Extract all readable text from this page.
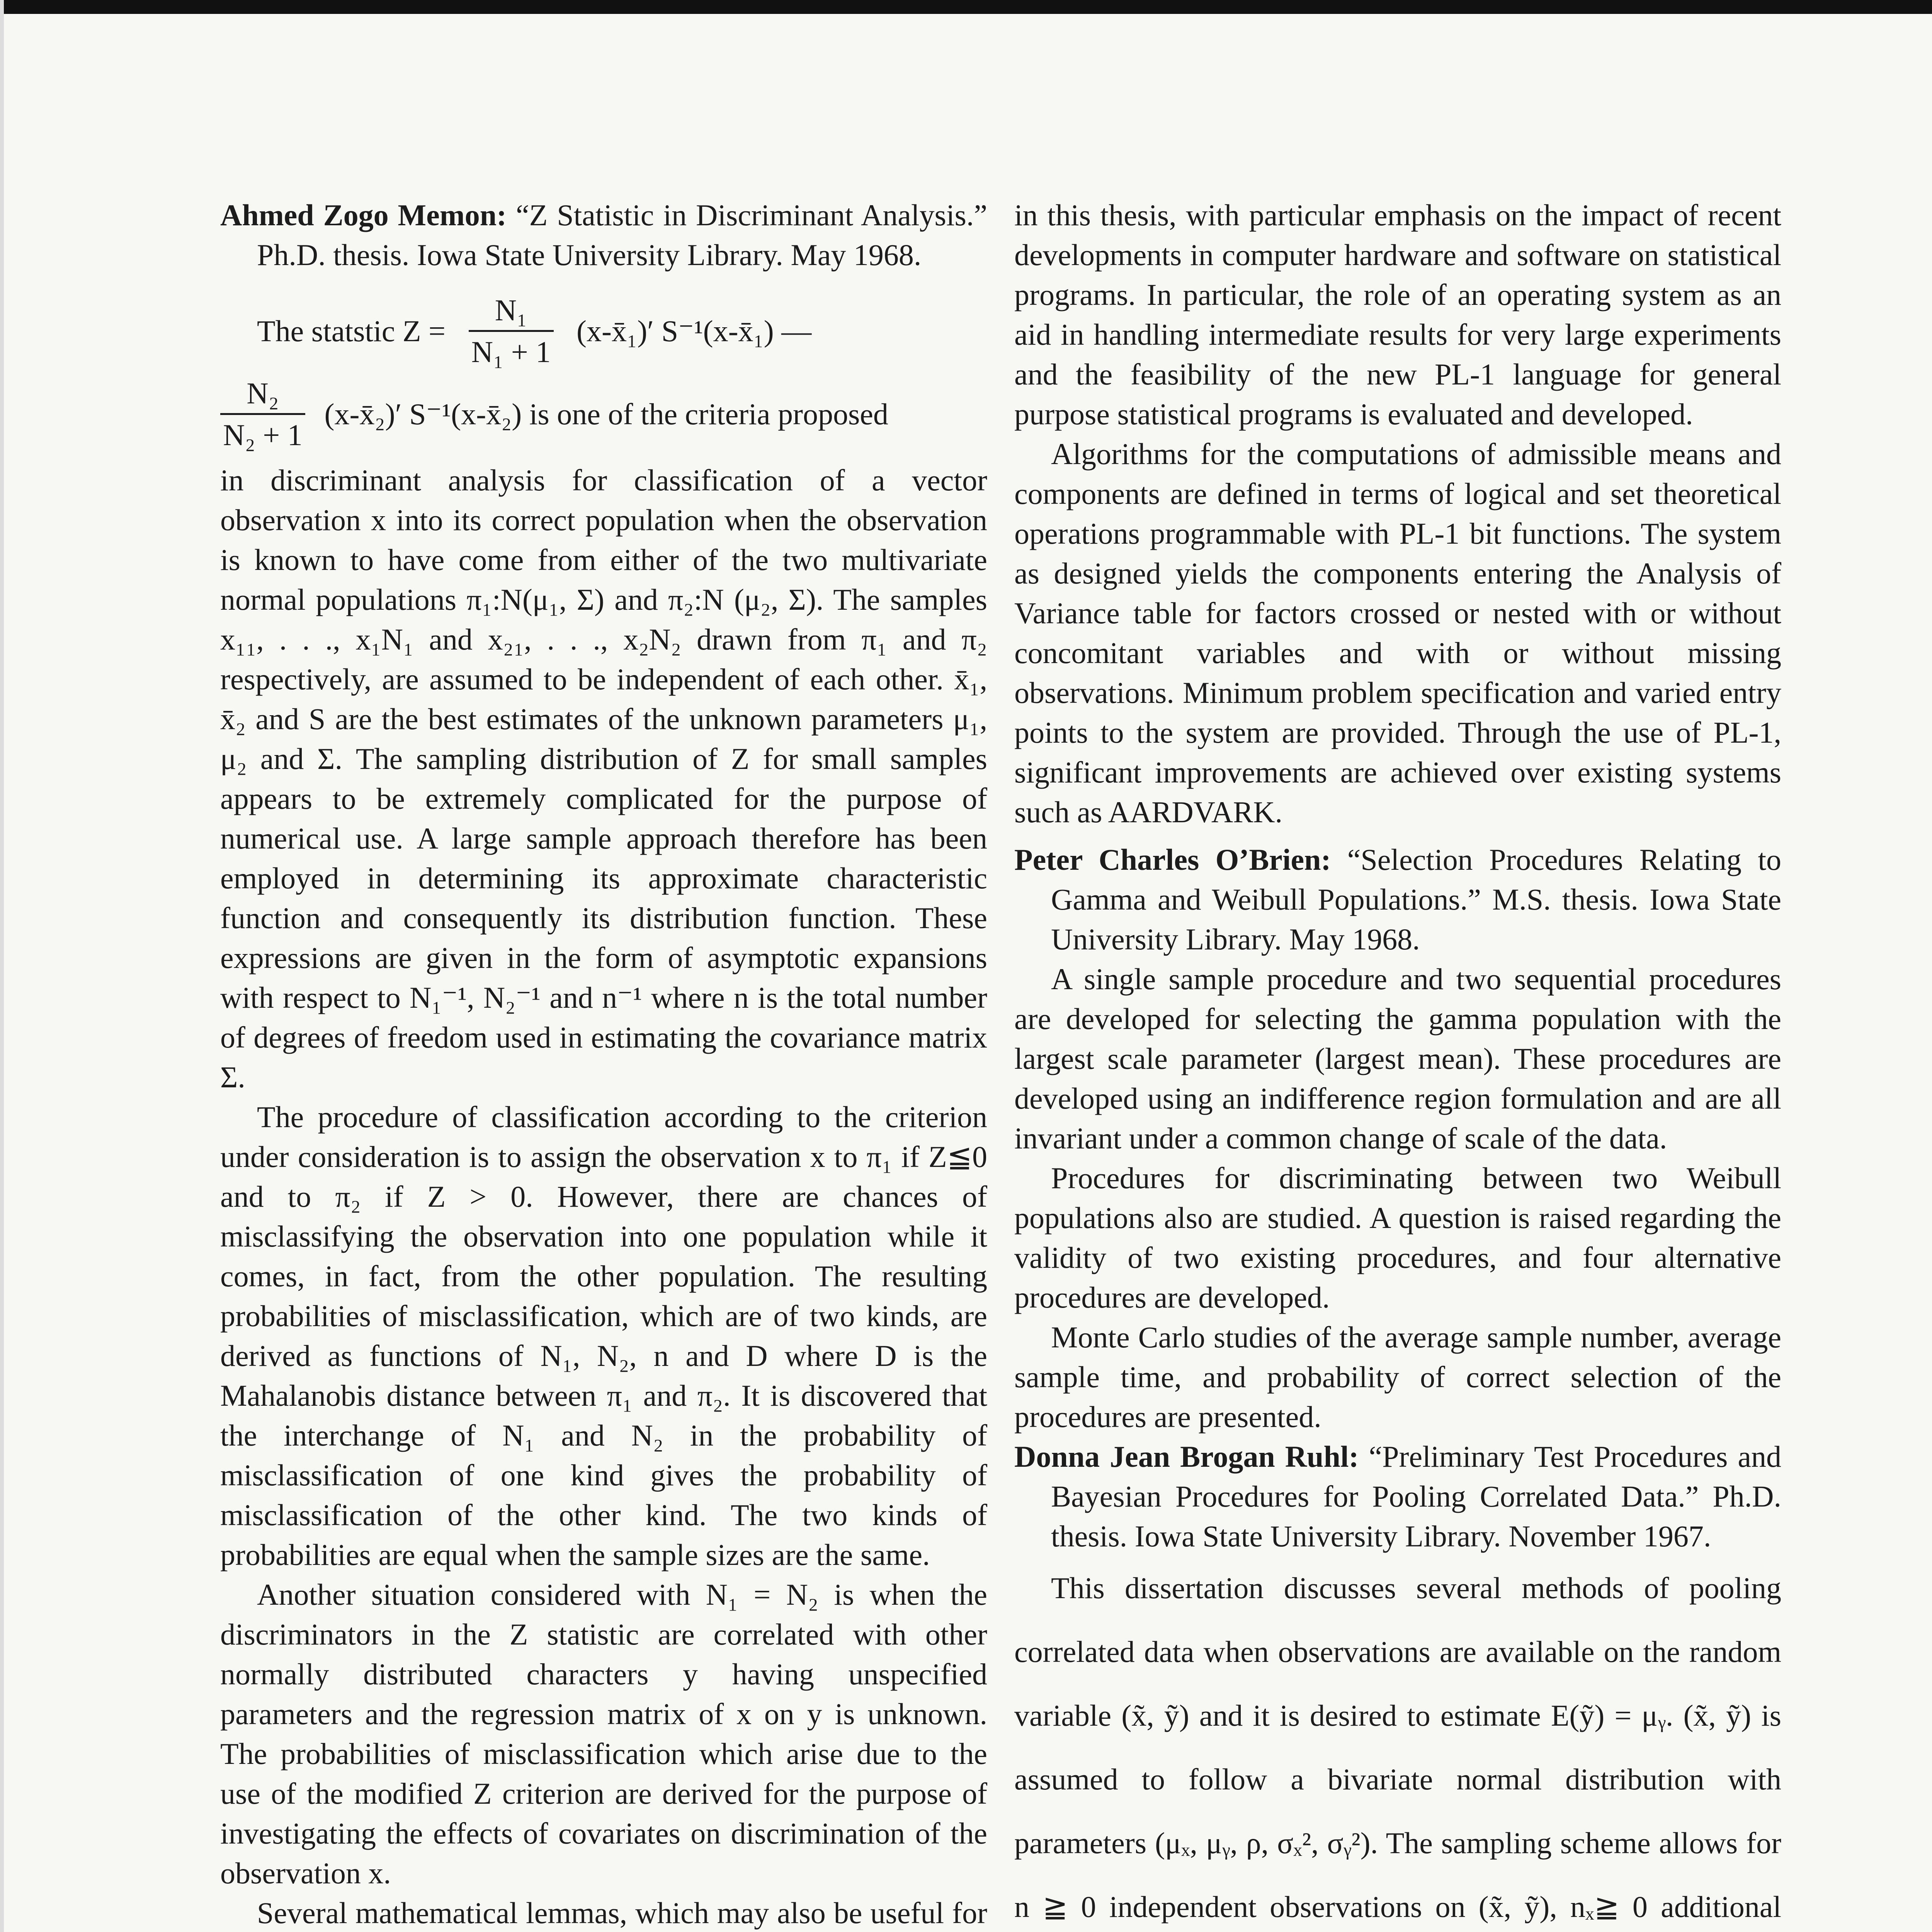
Ahmed Zogo Memon: “Z Statistic in Discriminant Analysis.” Ph.D. thesis. Iowa State University Library. May 1968.

The statstic Z =
N₁
N₁ + 1
(x-x̄₁)′ S⁻¹(x-x̄₁) —
N₂
N₂ + 1
(x-x̄₂)′ S⁻¹(x-x̄₂) is one of the criteria proposed

in discriminant analysis for classification of a vector observation x into its correct population when the observation is known to have come from either of the two multivariate normal populations π₁:N(μ₁, Σ) and π₂:N (μ₂, Σ). The samples x₁₁, . . ., x₁N₁ and x₂₁, . . ., x₂N₂ drawn from π₁ and π₂ respectively, are assumed to be independent of each other. x̄₁, x̄₂ and S are the best estimates of the unknown parameters μ₁, μ₂ and Σ. The sampling distribution of Z for small samples appears to be extremely complicated for the purpose of numerical use. A large sample approach therefore has been employed in determining its approximate characteristic function and consequently its distribution function. These expressions are given in the form of asymptotic expansions with respect to N₁⁻¹, N₂⁻¹ and n⁻¹ where n is the total number of degrees of freedom used in estimating the covariance matrix Σ.

The procedure of classification according to the criterion under consideration is to assign the observation x to π₁ if Z≦0 and to π₂ if Z > 0. However, there are chances of misclassifying the observation into one population while it comes, in fact, from the other population. The resulting probabilities of misclassification, which are of two kinds, are derived as functions of N₁, N₂, n and D where D is the Mahalanobis distance between π₁ and π₂. It is discovered that the interchange of N₁ and N₂ in the probability of misclassification of one kind gives the probability of misclassification of the other kind. The two kinds of probabilities are equal when the sample sizes are the same.

Another situation considered with N₁ = N₂ is when the discriminators in the Z statistic are correlated with other normally distributed characters y having unspecified parameters and the regression matrix of x on y is unknown. The probabilities of misclassification which arise due to the use of the modified Z criterion are derived for the purpose of investigating the effects of covariates on discrimination of the observation x.

Several mathematical lemmas, which may also be useful for

in this thesis, with particular emphasis on the impact of recent developments in computer hardware and software on statistical programs. In particular, the role of an operating system as an aid in handling intermediate results for very large experiments and the feasibility of the new PL-1 language for general purpose statistical programs is evaluated and developed.

Algorithms for the computations of admissible means and components are defined in terms of logical and set theoretical operations programmable with PL-1 bit functions. The system as designed yields the components entering the Analysis of Variance table for factors crossed or nested with or without concomitant variables and with or without missing observations. Minimum problem specification and varied entry points to the system are provided. Through the use of PL-1, significant improvements are achieved over existing systems such as AARDVARK.

Peter Charles O’Brien: “Selection Procedures Relating to Gamma and Weibull Populations.” M.S. thesis. Iowa State University Library. May 1968.

A single sample procedure and two sequential procedures are developed for selecting the gamma population with the largest scale parameter (largest mean). These procedures are developed using an indifference region formulation and are all invariant under a common change of scale of the data.

Procedures for discriminating between two Weibull populations also are studied. A question is raised regarding the validity of two existing procedures, and four alternative procedures are developed.

Monte Carlo studies of the average sample number, average sample time, and probability of correct selection of the procedures are presented.

Donna Jean Brogan Ruhl: “Preliminary Test Procedures and Bayesian Procedures for Pooling Correlated Data.” Ph.D. thesis. Iowa State University Library. November 1967.

This dissertation discusses several methods of pooling correlated data when observations are available on the random variable (x̃, ỹ) and it is desired to estimate E(ỹ) = μᵧ. (x̃, ỹ) is assumed to follow a bivariate normal distribution with parameters (μₓ, μᵧ, ρ, σₓ², σᵧ²). The sampling scheme allows for n ≧ 0 independent observations on (x̃, ỹ), nₓ≧ 0 additional
